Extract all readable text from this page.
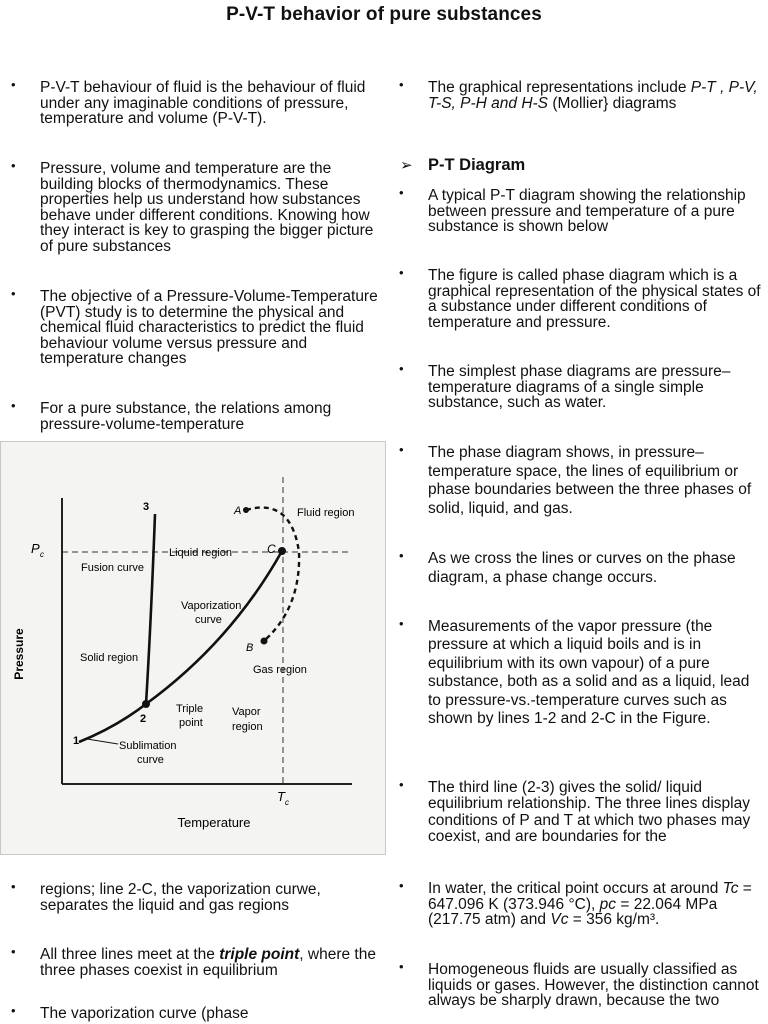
P-V-T behavior of pure substances
• P-V-T behaviour of fluid is the behaviour of fluid under any imaginable conditions of pressure, temperature and volume (P-V-T).
• Pressure, volume and temperature are the building blocks of thermodynamics. These properties help us understand how substances behave under different conditions. Knowing how they interact is key to grasping the bigger picture of pure substances
• The objective of a Pressure-Volume-Temperature (PVT) study is to determine the physical and chemical fluid characteristics to predict the fluid behaviour volume versus pressure and temperature changes
• For a pure substance, the relations among pressure-volume-temperature
Pressure
Temperature
P c
T c
Fusion curve
Liquid region
Fluid region
Vaporization
curve
Solid region
Gas region
Triple
point
Vapor
region
Sublimation
curve
1
2
3	A
B
C
• regions; line 2-C, the vaporization curwe, separates the liquid and gas regions
• All three lines meet at the triple point, where the three phases coexist in equilibrium
• The vaporization curve (phase
• The graphical representations include P-T , P-V, T-S, P-H and H-S (Mollier} diagrams
➢ P-T Diagram
• A typical P-T diagram showing the relationship between pressure and temperature of a pure substance is shown below
• The figure is called phase diagram which is a graphical representation of the physical states of a substance under different conditions of temperature and pressure.
• The simplest phase diagrams are pressure–temperature diagrams of a single simple substance, such as water.
• The phase diagram shows, in pressure–temperature space, the lines of equilibrium or phase boundaries between the three phases of solid, liquid, and gas.
• As we cross the lines or curves on the phase diagram, a phase change occurs.
• Measurements of the vapor pressure (the pressure at which a liquid boils and is in equilibrium with its own vapour) of a pure substance, both as a solid and as a liquid, lead to pressure-vs.-temperature curves such as shown by lines 1-2 and 2-C in the Figure.
• The third line (2-3) gives the solid/ liquid equilibrium relationship. The three lines display conditions of P and T at which two phases may coexist, and are boundaries for the
• In water, the critical point occurs at around Tc = 647.096 K (373.946 °C), pc = 22.064 MPa (217.75 atm) and Vc = 356 kg/m³.
• Homogeneous fluids are usually classified as liquids or gases. However, the distinction cannot always be sharply drawn, because the two
